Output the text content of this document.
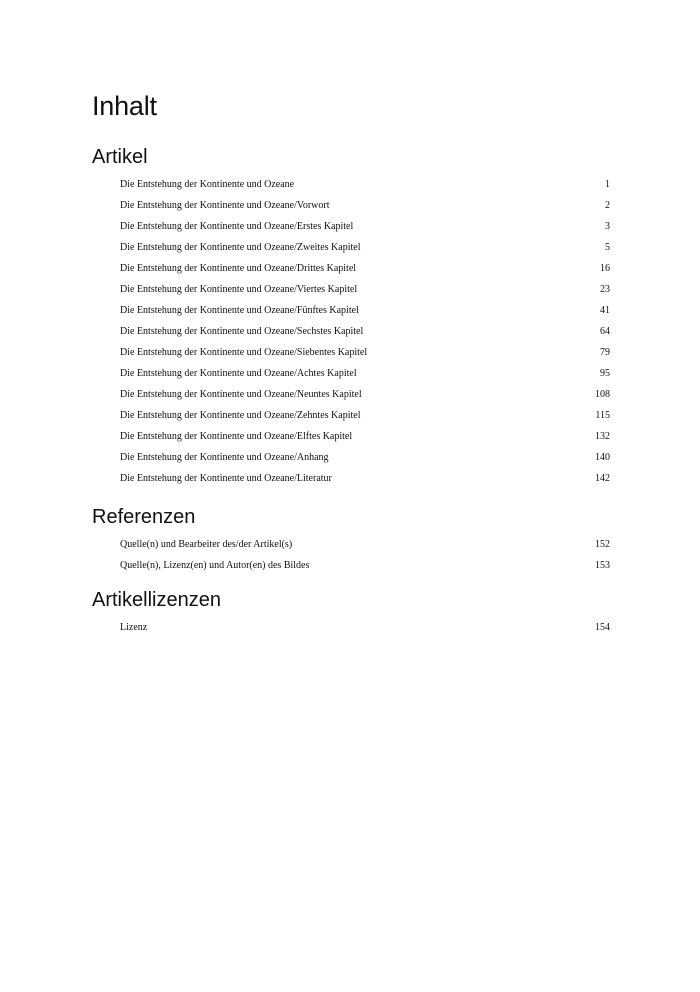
Inhalt
Artikel
Die Entstehung der Kontinente und Ozeane	1
Die Entstehung der Kontinente und Ozeane/Vorwort	2
Die Entstehung der Kontinente und Ozeane/Erstes Kapitel	3
Die Entstehung der Kontinente und Ozeane/Zweites Kapitel	5
Die Entstehung der Kontinente und Ozeane/Drittes Kapitel	16
Die Entstehung der Kontinente und Ozeane/Viertes Kapitel	23
Die Entstehung der Kontinente und Ozeane/Fünftes Kapitel	41
Die Entstehung der Kontinente und Ozeane/Sechstes Kapitel	64
Die Entstehung der Kontinente und Ozeane/Siebentes Kapitel	79
Die Entstehung der Kontinente und Ozeane/Achtes Kapitel	95
Die Entstehung der Kontinente und Ozeane/Neuntes Kapitel	108
Die Entstehung der Kontinente und Ozeane/Zehntes Kapitel	115
Die Entstehung der Kontinente und Ozeane/Elftes Kapitel	132
Die Entstehung der Kontinente und Ozeane/Anhang	140
Die Entstehung der Kontinente und Ozeane/Literatur	142
Referenzen
Quelle(n) und Bearbeiter des/der Artikel(s)	152
Quelle(n), Lizenz(en) und Autor(en) des Bildes	153
Artikellizenzen
Lizenz	154
